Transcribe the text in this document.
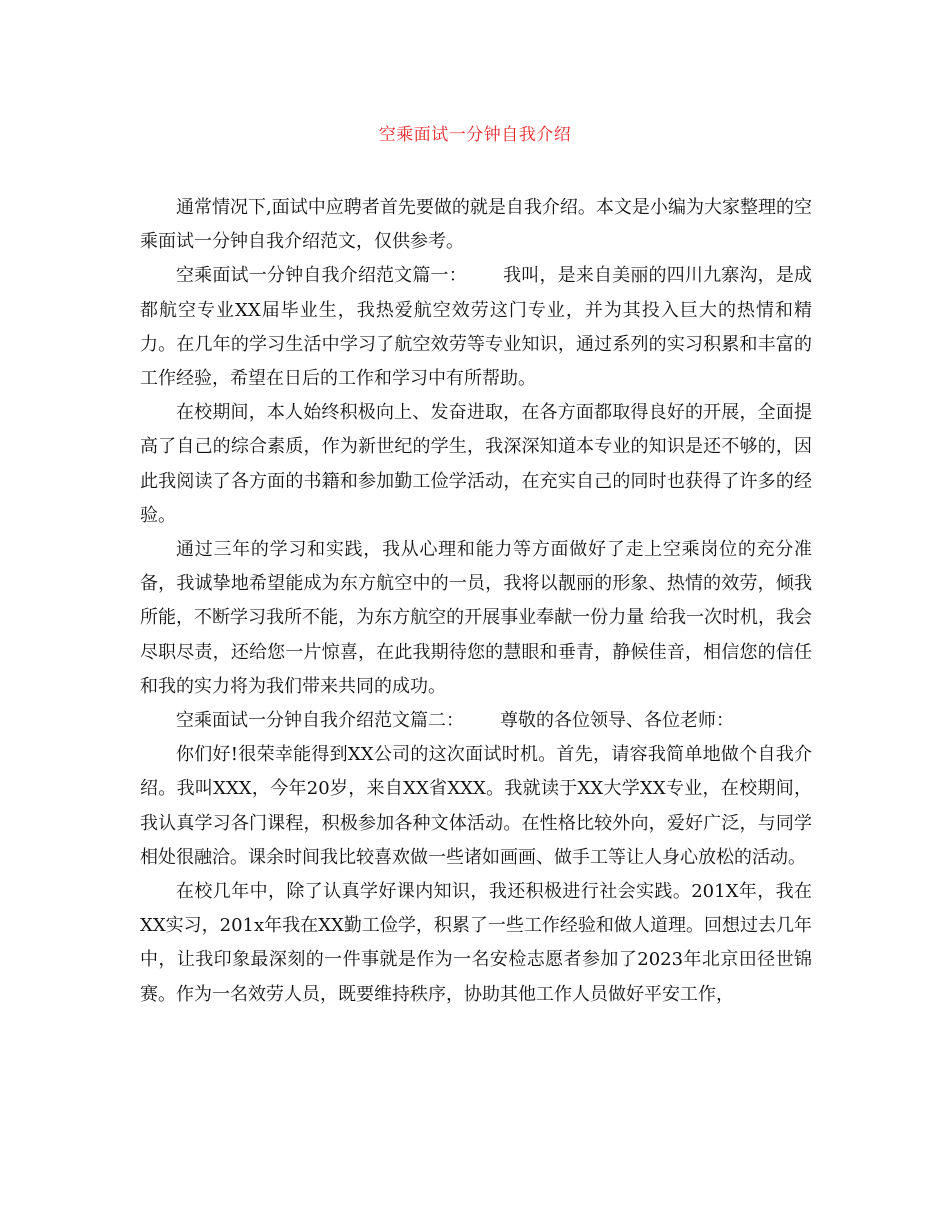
空乘面试一分钟自我介绍

通常情况下,面试中应聘者首先要做的就是自我介绍。本文是小编为大家整理的空乘面试一分钟自我介绍范文，仅供参考。

空乘面试一分钟自我介绍范文篇一： 我叫，是来自美丽的四川九寨沟，是成都航空专业XX届毕业生，我热爱航空效劳这门专业，并为其投入巨大的热情和精力。在几年的学习生活中学习了航空效劳等专业知识，通过系列的实习积累和丰富的工作经验，希望在日后的工作和学习中有所帮助。

在校期间，本人始终积极向上、发奋进取，在各方面都取得良好的开展，全面提高了自己的综合素质，作为新世纪的学生，我深深知道本专业的知识是还不够的，因此我阅读了各方面的书籍和参加勤工俭学活动，在充实自己的同时也获得了许多的经验。

通过三年的学习和实践，我从心理和能力等方面做好了走上空乘岗位的充分准备，我诚挚地希望能成为东方航空中的一员，我将以靓丽的形象、热情的效劳，倾我所能，不断学习我所不能，为东方航空的开展事业奉献一份力量 给我一次时机，我会尽职尽责，还给您一片惊喜，在此我期待您的慧眼和垂青，静候佳音，相信您的信任和我的实力将为我们带来共同的成功。

空乘面试一分钟自我介绍范文篇二： 尊敬的各位领导、各位老师：

你们好!很荣幸能得到XX公司的这次面试时机。首先，请容我简单地做个自我介绍。我叫XXX，今年20岁，来自XX省XXX。我就读于XX大学XX专业，在校期间，我认真学习各门课程，积极参加各种文体活动。在性格比较外向，爱好广泛，与同学相处很融洽。课余时间我比较喜欢做一些诸如画画、做手工等让人身心放松的活动。

在校几年中，除了认真学好课内知识，我还积极进行社会实践。201X年，我在XX实习，201x年我在XX勤工俭学，积累了一些工作经验和做人道理。回想过去几年中，让我印象最深刻的一件事就是作为一名安检志愿者参加了2023年北京田径世锦赛。作为一名效劳人员，既要维持秩序，协助其他工作人员做好平安工作，
